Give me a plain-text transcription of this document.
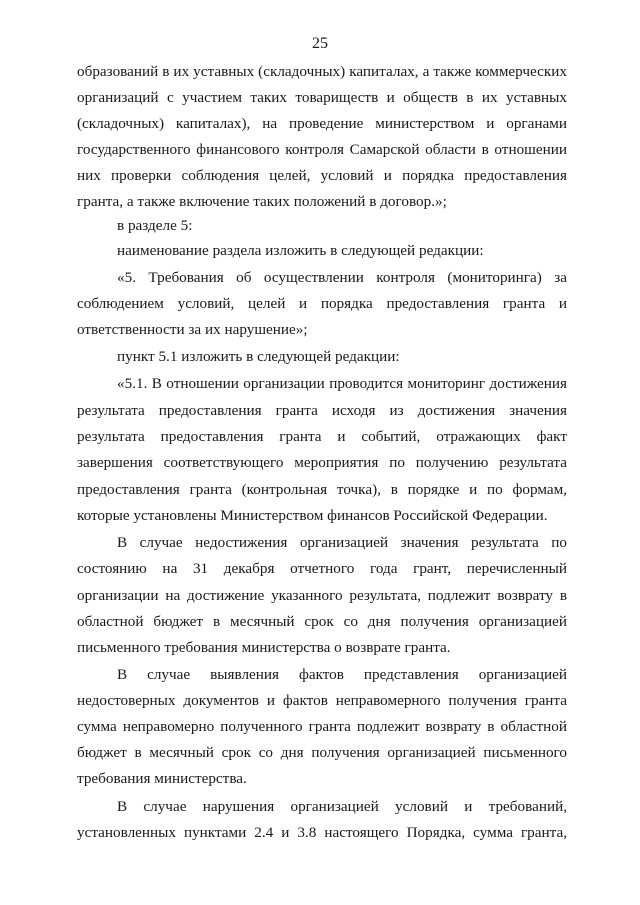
25
образований в их уставных (складочных) капиталах, а также коммерческих
организаций с участием таких товариществ и обществ в их уставных
(складочных) капиталах), на проведение министерством и органами
государственного финансового контроля Самарской области в отношении
них проверки соблюдения целей, условий и порядка предоставления
гранта, а также включение таких положений в договор.»;
в разделе 5:
наименование раздела изложить в следующей редакции:
«5. Требования об осуществлении контроля (мониторинга) за
соблюдением условий, целей и порядка предоставления гранта и
ответственности за их нарушение»;
пункт 5.1 изложить в следующей редакции:
«5.1. В отношении организации проводится мониторинг достижения
результата предоставления гранта исходя из достижения значения
результата предоставления гранта и событий, отражающих факт
завершения соответствующего мероприятия по получению результата
предоставления гранта (контрольная точка), в порядке и по формам,
которые установлены Министерством финансов Российской Федерации.
В случае недостижения организацией значения результата по
состоянию на 31 декабря отчетного года грант, перечисленный
организации на достижение указанного результата, подлежит возврату в
областной бюджет в месячный срок со дня получения организацией
письменного требования министерства о возврате гранта.
В случае выявления фактов представления организацией
недостоверных документов и фактов неправомерного получения гранта
сумма неправомерно полученного гранта подлежит возврату в областной
бюджет в месячный срок со дня получения организацией письменного
требования министерства.
В случае нарушения организацией условий и требований,
установленных пунктами 2.4 и 3.8 настоящего Порядка, сумма гранта,
